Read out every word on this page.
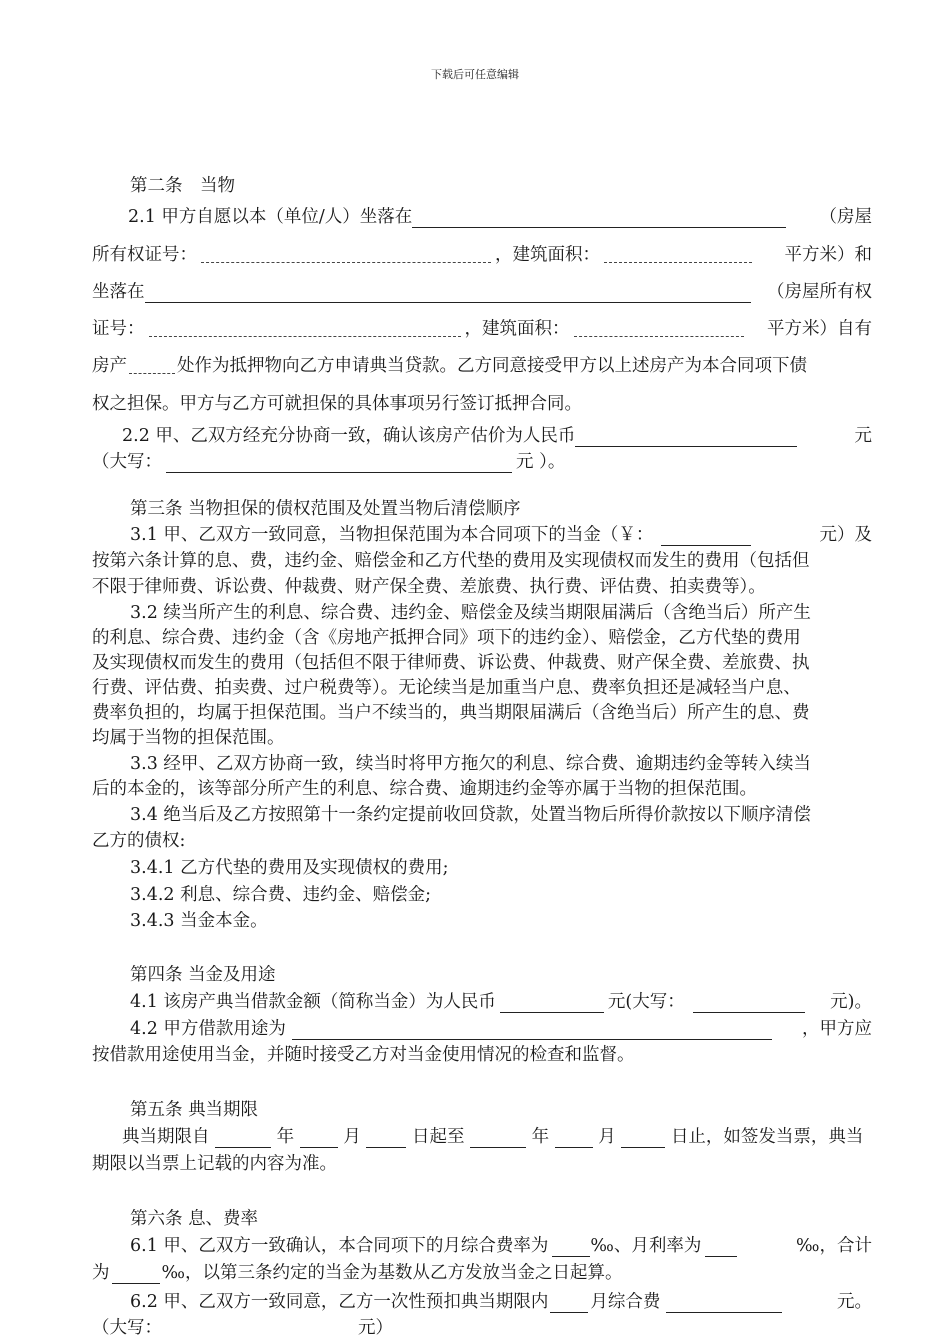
下载后可任意编辑
第二条　当物
2.1 甲方自愿以本（单位/人）坐落在	（房屋
所有权证号：	，建筑面积：	平方米）和
坐落在	（房屋所有权
证号：	，建筑面积：	平方米）自有
房产	处作为抵押物向乙方申请典当贷款。乙方同意接受甲方以上述房产为本合同项下债
权之担保。甲方与乙方可就担保的具体事项另行签订抵押合同。
2.2 甲、乙双方经充分协商一致，确认该房产估价为人民币	元
（大写：	元 ）。
第三条 当物担保的债权范围及处置当物后清偿顺序
3.1 甲、乙双方一致同意，当物担保范围为本合同项下的当金（￥：	元）及
按第六条计算的息、费，违约金、赔偿金和乙方代垫的费用及实现债权而发生的费用（包括但
不限于律师费、诉讼费、仲裁费、财产保全费、差旅费、执行费、评估费、拍卖费等）。
3.2 续当所产生的利息、综合费、违约金、赔偿金及续当期限届满后（含绝当后）所产生
的利息、综合费、违约金（含《房地产抵押合同》项下的违约金）、赔偿金，乙方代垫的费用
及实现债权而发生的费用（包括但不限于律师费、诉讼费、仲裁费、财产保全费、差旅费、执
行费、评估费、拍卖费、过户税费等）。无论续当是加重当户息、费率负担还是减轻当户息、
费率负担的，均属于担保范围。当户不续当的，典当期限届满后（含绝当后）所产生的息、费
均属于当物的担保范围。
3.3 经甲、乙双方协商一致，续当时将甲方拖欠的利息、综合费、逾期违约金等转入续当
后的本金的，该等部分所产生的利息、综合费、逾期违约金等亦属于当物的担保范围。
3.4 绝当后及乙方按照第十一条约定提前收回贷款，处置当物后所得价款按以下顺序清偿
乙方的债权:
3.4.1 乙方代垫的费用及实现债权的费用;
3.4.2 利息、综合费、违约金、赔偿金;
3.4.3 当金本金。
第四条 当金及用途
4.1 该房产典当借款金额（简称当金）为人民币	元(大写：	元)。
4.2 甲方借款用途为	，甲方应
按借款用途使用当金，并随时接受乙方对当金使用情况的检查和监督。
第五条 典当期限
典当期限自	年	月	日起至	年	月	日止，如签发当票，典当
期限以当票上记载的内容为准。
第六条 息、费率
6.1 甲、乙双方一致确认，本合同项下的月综合费率为 ‰、月利率为	‰，合计
为	‰，以第三条约定的当金为基数从乙方发放当金之日起算。
6.2 甲、乙双方一致同意，乙方一次性预扣典当期限内 月综合费	元。
（大写：	元）
